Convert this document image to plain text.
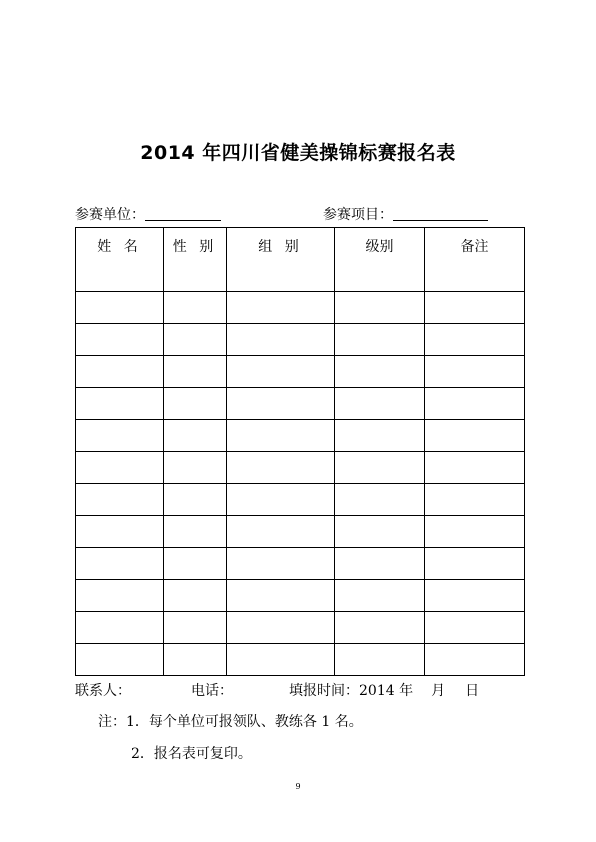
2014 年四川省健美操锦标赛报名表
参赛单位：	参赛项目：
姓 名	性 别	组 别	级别	备注

联系人：	电话：	填报时间：2014 年 月 日
注：1．每个单位可报领队、教练各 1 名。
2．报名表可复印。
9
